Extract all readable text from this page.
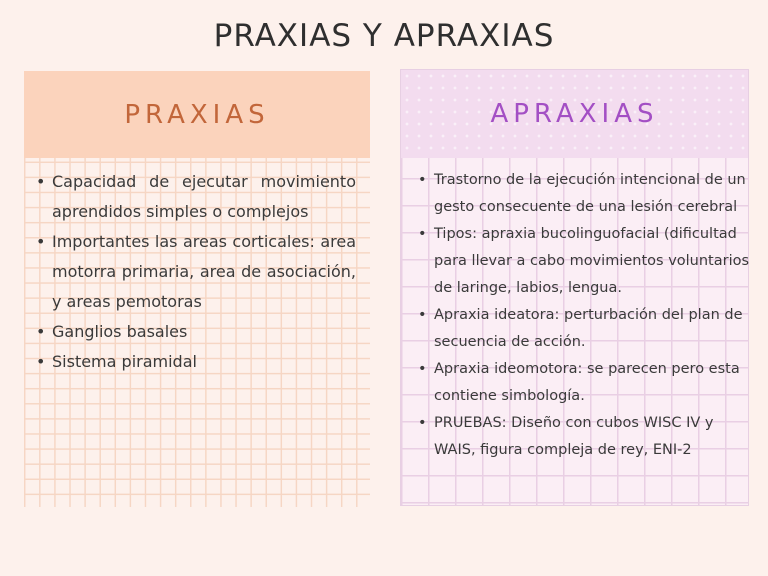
PRAXIAS Y APRAXIAS
PRAXIAS
• Capacidad de ejecutar movimiento aprendidos simples o complejos
• Importantes las areas corticales: area motorra primaria, area de asociación, y areas pemotoras
• Ganglios basales
• Sistema piramidal
APRAXIAS
• Trastorno de la ejecución intencional de un gesto consecuente de una lesión cerebral
• Tipos: apraxia bucolinguofacial (dificultad para llevar a cabo movimientos voluntarios de laringe, labios, lengua.
• Apraxia ideatora: perturbación del plan de secuencia de acción.
• Apraxia ideomotora: se parecen pero esta contiene simbología.
• PRUEBAS: Diseño con cubos WISC IV y WAIS, figura compleja de rey, ENI-2
